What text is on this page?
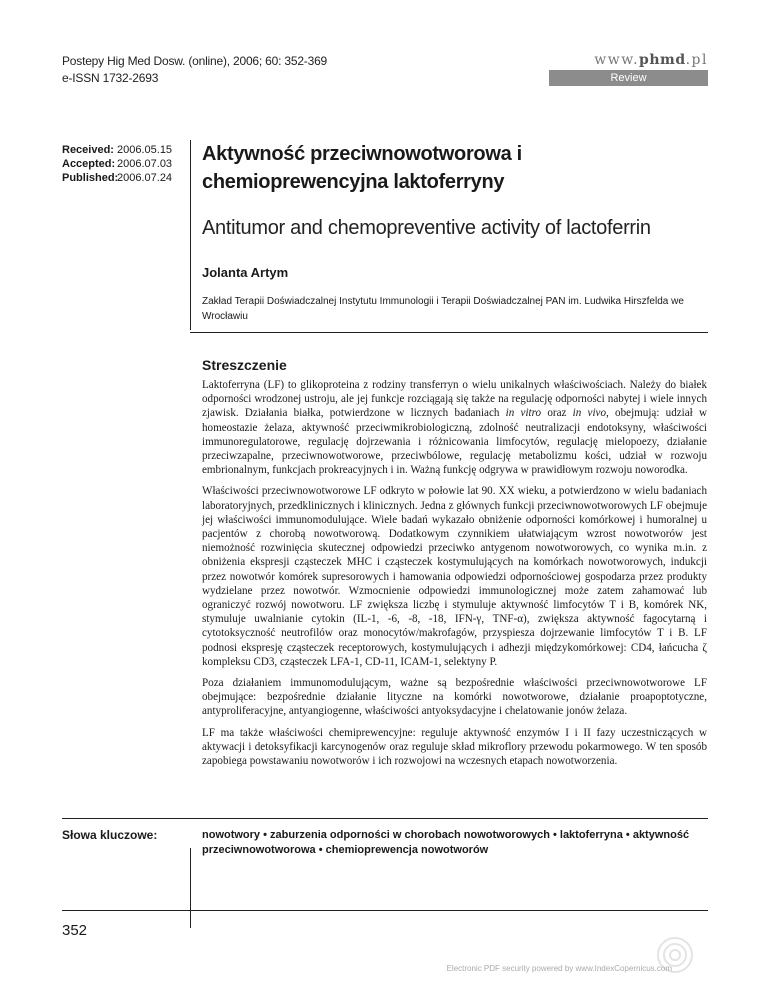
Postepy Hig Med Dosw. (online), 2006; 60: 352-369
e-ISSN 1732-2693
www.phmd.pl
Review
Received: 2006.05.15
Accepted: 2006.07.03
Published:
2006.07.24
Aktywność przeciwnowotworowa i chemioprewencyjna laktoferryny
Antitumor and chemopreventive activity of lactoferrin
Jolanta Artym
Zakład Terapii Doświadczalnej Instytutu Immunologii i Terapii Doświadczalnej PAN im. Ludwika Hirszfelda we Wrocławiu
Streszczenie

Laktoferryna (LF) to glikoproteina z rodziny transferryn o wielu unikalnych właściwościach. Należy do białek odporności wrodzonej ustroju, ale jej funkcje rozciągają się także na regulację odporności nabytej i wiele innych zjawisk. Działania białka, potwierdzone w licznych badaniach in vitro oraz in vivo, obejmują: udział w homeostazie żelaza, aktywność przeciwmikrobiologiczną, zdolność neutralizacji endotoksyny, właściwości immunoregulatorowe, regulację dojrzewania i różnicowania limfocytów, regulację mielopoezy, działanie przeciwzapalne, przeciwnowotworowe, przeciwbólowe, regulację metabolizmu kości, udział w rozwoju embrionalnym, funkcjach prokreacyjnych i in. Ważną funkcję odgrywa w prawidłowym rozwoju noworodka.

Właściwości przeciwnowotworowe LF odkryto w połowie lat 90. XX wieku, a potwierdzono w wielu badaniach laboratoryjnych, przedklinicznych i klinicznych. Jedna z głównych funkcji przeciwnowotworowych LF obejmuje jej właściwości immunomodulujące. Wiele badań wykazało obniżenie odporności komórkowej i humoralnej u pacjentów z chorobą nowotworową. Dodatkowym czynnikiem ułatwiającym wzrost nowotworów jest niemożność rozwinięcia skutecznej odpowiedzi przeciwko antygenom nowotworowych, co wynika m.in. z obniżenia ekspresji cząsteczek MHC i cząsteczek kostymulujących na komórkach nowotworowych, indukcji przez nowotwór komórek supresorowych i hamowania odpowiedzi odpornościowej gospodarza przez produkty wydzielane przez nowotwór. Wzmocnienie odpowiedzi immunologicznej może zatem zahamować lub ograniczyć rozwój nowotworu. LF zwiększa liczbę i stymuluje aktywność limfocytów T i B, komórek NK, stymuluje uwalnianie cytokin (IL-1, -6, -8, -18, IFN-γ, TNF-α), zwiększa aktywność fagocytarną i cytotoksyczność neutrofilów oraz monocytów/makrofagów, przyspiesza dojrzewanie limfocytów T i B. LF podnosi ekspresję cząsteczek receptorowych, kostymulujących i adhezji międzykomórkowej: CD4, łańcucha ζ kompleksu CD3, cząsteczek LFA-1, CD-11, ICAM-1, selektyny P.

Poza działaniem immunomodulującym, ważne są bezpośrednie właściwości przeciwnowotworowe LF obejmujące: bezpośrednie działanie lityczne na komórki nowotworowe, działanie proapoptotyczne, antyproliferacyjne, antyangiogenne, właściwości antyoksydacyjne i chelatowanie jonów żelaza.

LF ma także właściwości chemiprewencyjne: reguluje aktywność enzymów I i II fazy uczestniczących w aktywacji i detoksyfikacji karcynogenów oraz reguluje skład mikroflory przewodu pokarmowego. W ten sposób zapobiega powstawaniu nowotworów i ich rozwojowi na wczesnych etapach nowotworzenia.

Słowa kluczowe:	nowotwory • zaburzenia odporności w chorobach nowotworowych • laktoferryna • aktywność przeciwnowotworowa • chemioprewencja nowotworów
352
Electronic PDF security powered by www.IndexCopernicus.com
